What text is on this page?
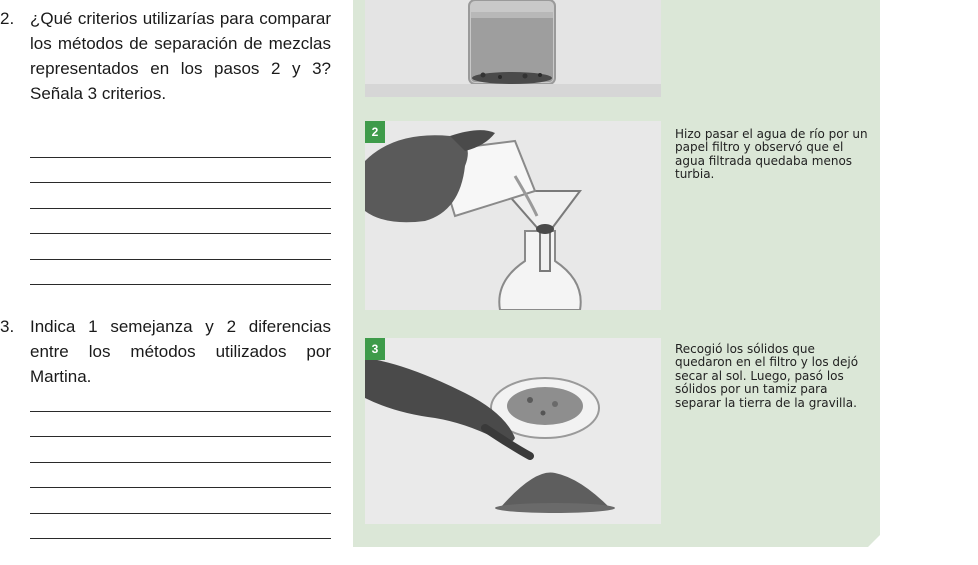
2. ¿Qué criterios utilizarías para comparar los métodos de separación de mezclas representados en los pasos 2 y 3? Señala 3 criterios.
3. Indica 1 semejanza y 2 diferencias entre los métodos utilizados por Martina.
2
3
Hizo pasar el agua de río por un papel filtro y observó que el agua filtrada quedaba menos turbia.
Recogió los sólidos que quedaron en el filtro y los dejó secar al sol. Luego, pasó los sólidos por un tamiz para separar la tierra de la gravilla.
